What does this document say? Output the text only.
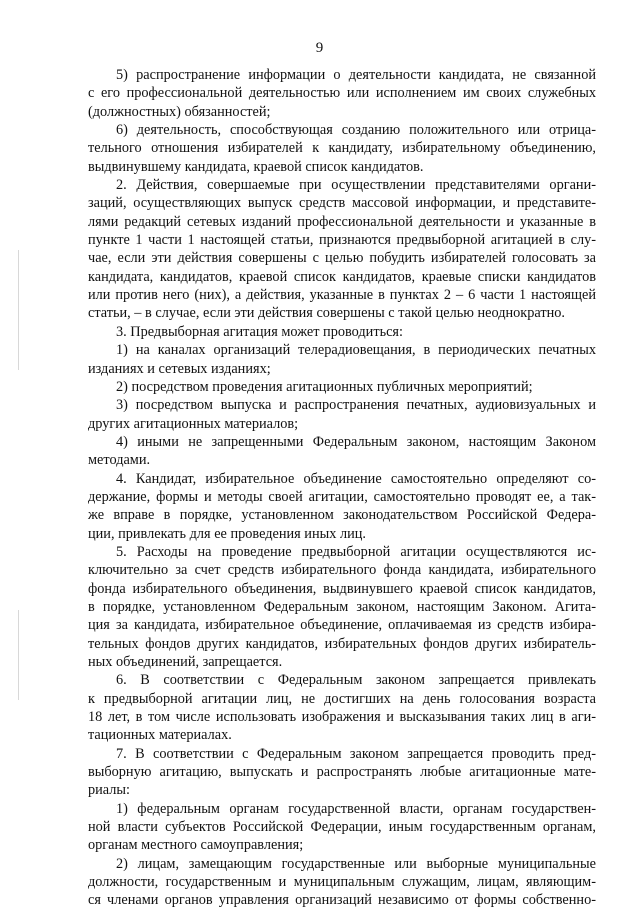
9
5) распространение информации о деятельности кандидата, не связанной
с его профессиональной деятельностью или исполнением им своих служебных
(должностных) обязанностей;
6) деятельность, способствующая созданию положительного или отрица-
тельного отношения избирателей к кандидату, избирательному объединению,
выдвинувшему кандидата, краевой список кандидатов.
2. Действия, совершаемые при осуществлении представителями органи-
заций, осуществляющих выпуск средств массовой информации, и представите-
лями редакций сетевых изданий профессиональной деятельности и указанные в
пункте 1 части 1 настоящей статьи, признаются предвыборной агитацией в слу-
чае, если эти действия совершены с целью побудить избирателей голосовать за
кандидата, кандидатов, краевой список кандидатов, краевые списки кандидатов
или против него (них), а действия, указанные в пунктах 2 – 6 части 1 настоящей
статьи, – в случае, если эти действия совершены с такой целью неоднократно.
3. Предвыборная агитация может проводиться:
1) на каналах организаций телерадиовещания, в периодических печатных
изданиях и сетевых изданиях;
2) посредством проведения агитационных публичных мероприятий;
3) посредством выпуска и распространения печатных, аудиовизуальных и
других агитационных материалов;
4) иными не запрещенными Федеральным законом, настоящим Законом
методами.
4. Кандидат, избирательное объединение самостоятельно определяют со-
держание, формы и методы своей агитации, самостоятельно проводят ее, а так-
же вправе в порядке, установленном законодательством Российской Федера-
ции, привлекать для ее проведения иных лиц.
5. Расходы на проведение предвыборной агитации осуществляются ис-
ключительно за счет средств избирательного фонда кандидата, избирательного
фонда избирательного объединения, выдвинувшего краевой список кандидатов,
в порядке, установленном Федеральным законом, настоящим Законом. Агита-
ция за кандидата, избирательное объединение, оплачиваемая из средств избира-
тельных фондов других кандидатов, избирательных фондов других избиратель-
ных объединений, запрещается.
6. В соответствии с Федеральным законом запрещается привлекать
к предвыборной агитации лиц, не достигших на день голосования возраста
18 лет, в том числе использовать изображения и высказывания таких лиц в аги-
тационных материалах.
7. В соответствии с Федеральным законом запрещается проводить пред-
выборную агитацию, выпускать и распространять любые агитационные мате-
риалы:
1) федеральным органам государственной власти, органам государствен-
ной власти субъектов Российской Федерации, иным государственным органам,
органам местного самоуправления;
2) лицам, замещающим государственные или выборные муниципальные
должности, государственным и муниципальным служащим, лицам, являющим-
ся членами органов управления организаций независимо от формы собственно-
